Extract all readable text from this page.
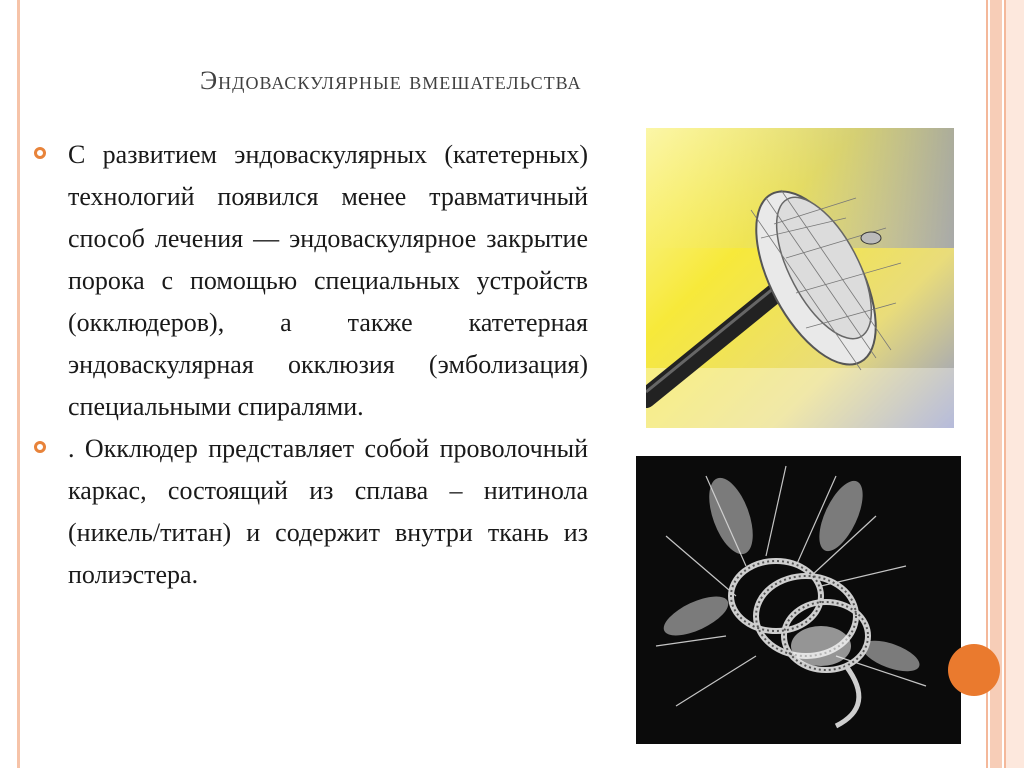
Эндоваскулярные вмешательства
С развитием эндоваскулярных (катетерных) технологий появился менее травматичный способ лечения — эндоваскулярное закрытие порока с помощью специальных устройств (окклюдеров), а также катетерная эндоваскулярная окклюзия (эмболизация) специальными спиралями.
. Окклюдер представляет собой проволочный каркас, состоящий из сплава – нитинола (никель/титан) и содержит внутри ткань из полиэстера.
